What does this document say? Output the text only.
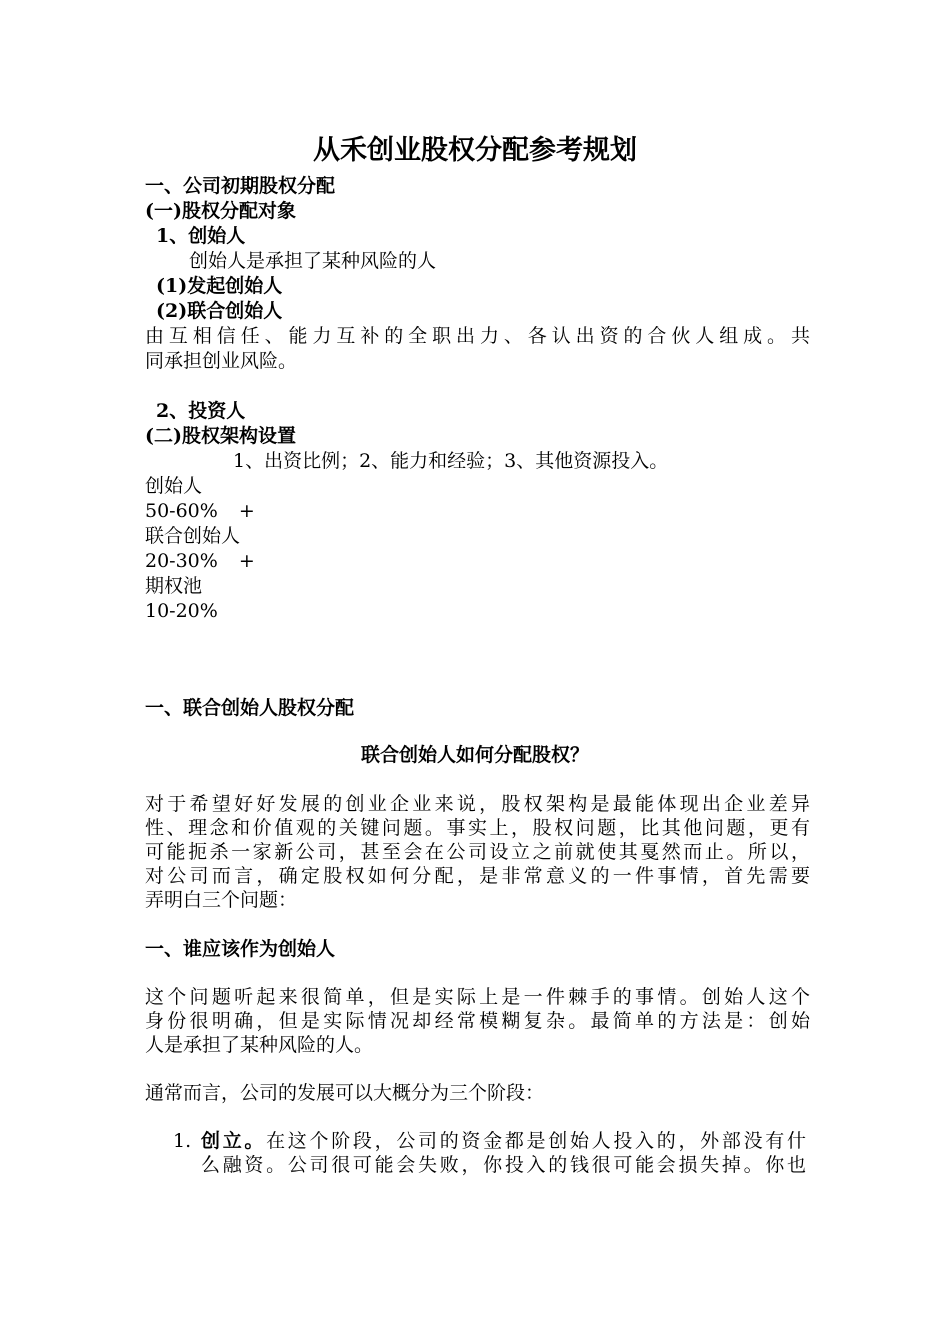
从禾创业股权分配参考规划
一、公司初期股权分配
(一)股权分配对象
1、创始人
创始人是承担了某种风险的人
(1)发起创始人
(2)联合创始人
由互相信任、能力互补的全职出力、各认出资的合伙人组成。共
同承担创业风险。
2、投资人
(二)股权架构设置
1、出资比例；2、能力和经验；3、其他资源投入。
创始人
50-60% +
联合创始人
20-30% +
期权池
10-20%
一、联合创始人股权分配
联合创始人如何分配股权？
对于希望好好发展的创业企业来说，股权架构是最能体现出企业差异
性、理念和价值观的关键问题。事实上，股权问题，比其他问题，更有
可能扼杀一家新公司，甚至会在公司设立之前就使其戛然而止。所以，
对公司而言，确定股权如何分配，是非常意义的一件事情，首先需要
弄明白三个问题：
一、谁应该作为创始人
这个问题听起来很简单，但是实际上是一件棘手的事情。创始人这个
身份很明确，但是实际情况却经常模糊复杂。最简单的方法是：创始
人是承担了某种风险的人。
通常而言，公司的发展可以大概分为三个阶段：
1. 创立。在这个阶段，公司的资金都是创始人投入的，外部没有什
么融资。公司很可能会失败，你投入的钱很可能会损失掉。你也
